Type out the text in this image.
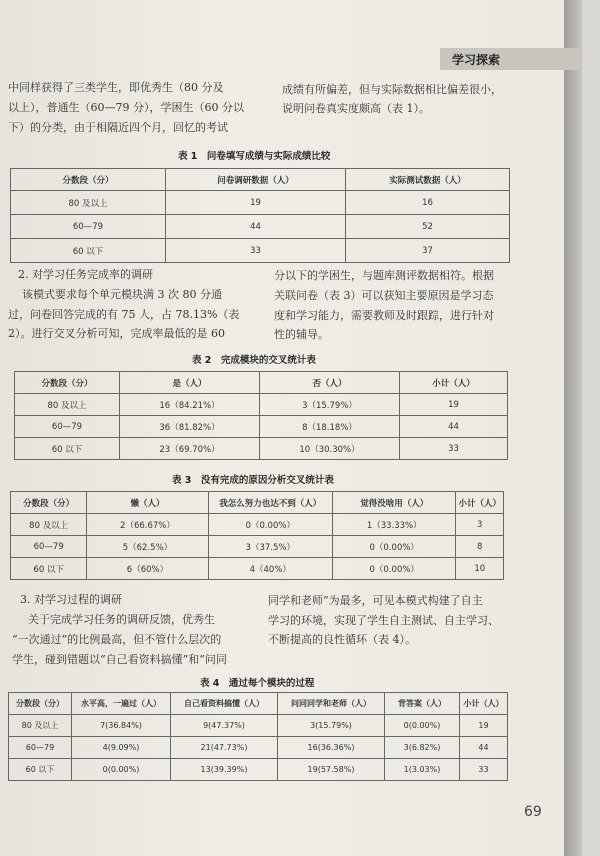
学习探索
中同样获得了三类学生，即优秀生（80 分及
以上），普通生（60—79 分），学困生（60 分以
下）的分类，由于相隔近四个月，回忆的考试
成绩有所偏差，但与实际数据相比偏差很小，
说明问卷真实度颇高（表 1）。
表 1　问卷填写成绩与实际成绩比较
分数段（分）	问卷调研数据（人）	实际测试数据（人）
80 及以上	19	16
60—79	44	52
60 以下	33	37
2. 对学习任务完成率的调研
该模式要求每个单元模块满 3 次 80 分通
过，问卷回答完成的有 75 人，占 78.13%（表
2）。进行交叉分析可知，完成率最低的是 60
分以下的学困生，与题库测评数据相符。根据
关联问卷（表 3）可以获知主要原因是学习态
度和学习能力，需要教师及时跟踪，进行针对
性的辅导。
表 2　完成模块的交叉统计表
分数段（分）	是（人）	否（人）	小计（人）
80 及以上	16（84.21%）	3（15.79%）	19
60—79	36（81.82%）	8（18.18%）	44
60 以下	23（69.70%）	10（30.30%）	33
表 3　没有完成的原因分析交叉统计表
分数段（分）	懒（人）	我怎么努力也达不到（人）	觉得没啥用（人）	小计（人）
80 及以上	2（66.67%）	0（0.00%）	1（33.33%）	3
60—79	5（62.5%）	3（37.5%）	0（0.00%）	8
60 以下	6（60%）	4（40%）	0（0.00%）	10
3. 对学习过程的调研
关于完成学习任务的调研反馈，优秀生
“一次通过”的比例最高，但不管什么层次的
学生，碰到错题以“自己看资料搞懂”和“问同
同学和老师”为最多，可见本模式构建了自主
学习的环境，实现了学生自主测试、自主学习、
不断提高的良性循环（表 4）。
表 4　通过每个模块的过程
分数段（分）	水平高，一遍过（人）	自己看资料搞懂（人）	问同同学和老师（人）	背答案（人）	小计（人）
80 及以上	7(36.84%)	9(47.37%)	3(15.79%)	0(0.00%)	19
60—79	4(9.09%)	21(47.73%)	16(36.36%)	3(6.82%)	44
60 以下	0(0.00%)	13(39.39%)	19(57.58%)	1(3.03%)	33
69
